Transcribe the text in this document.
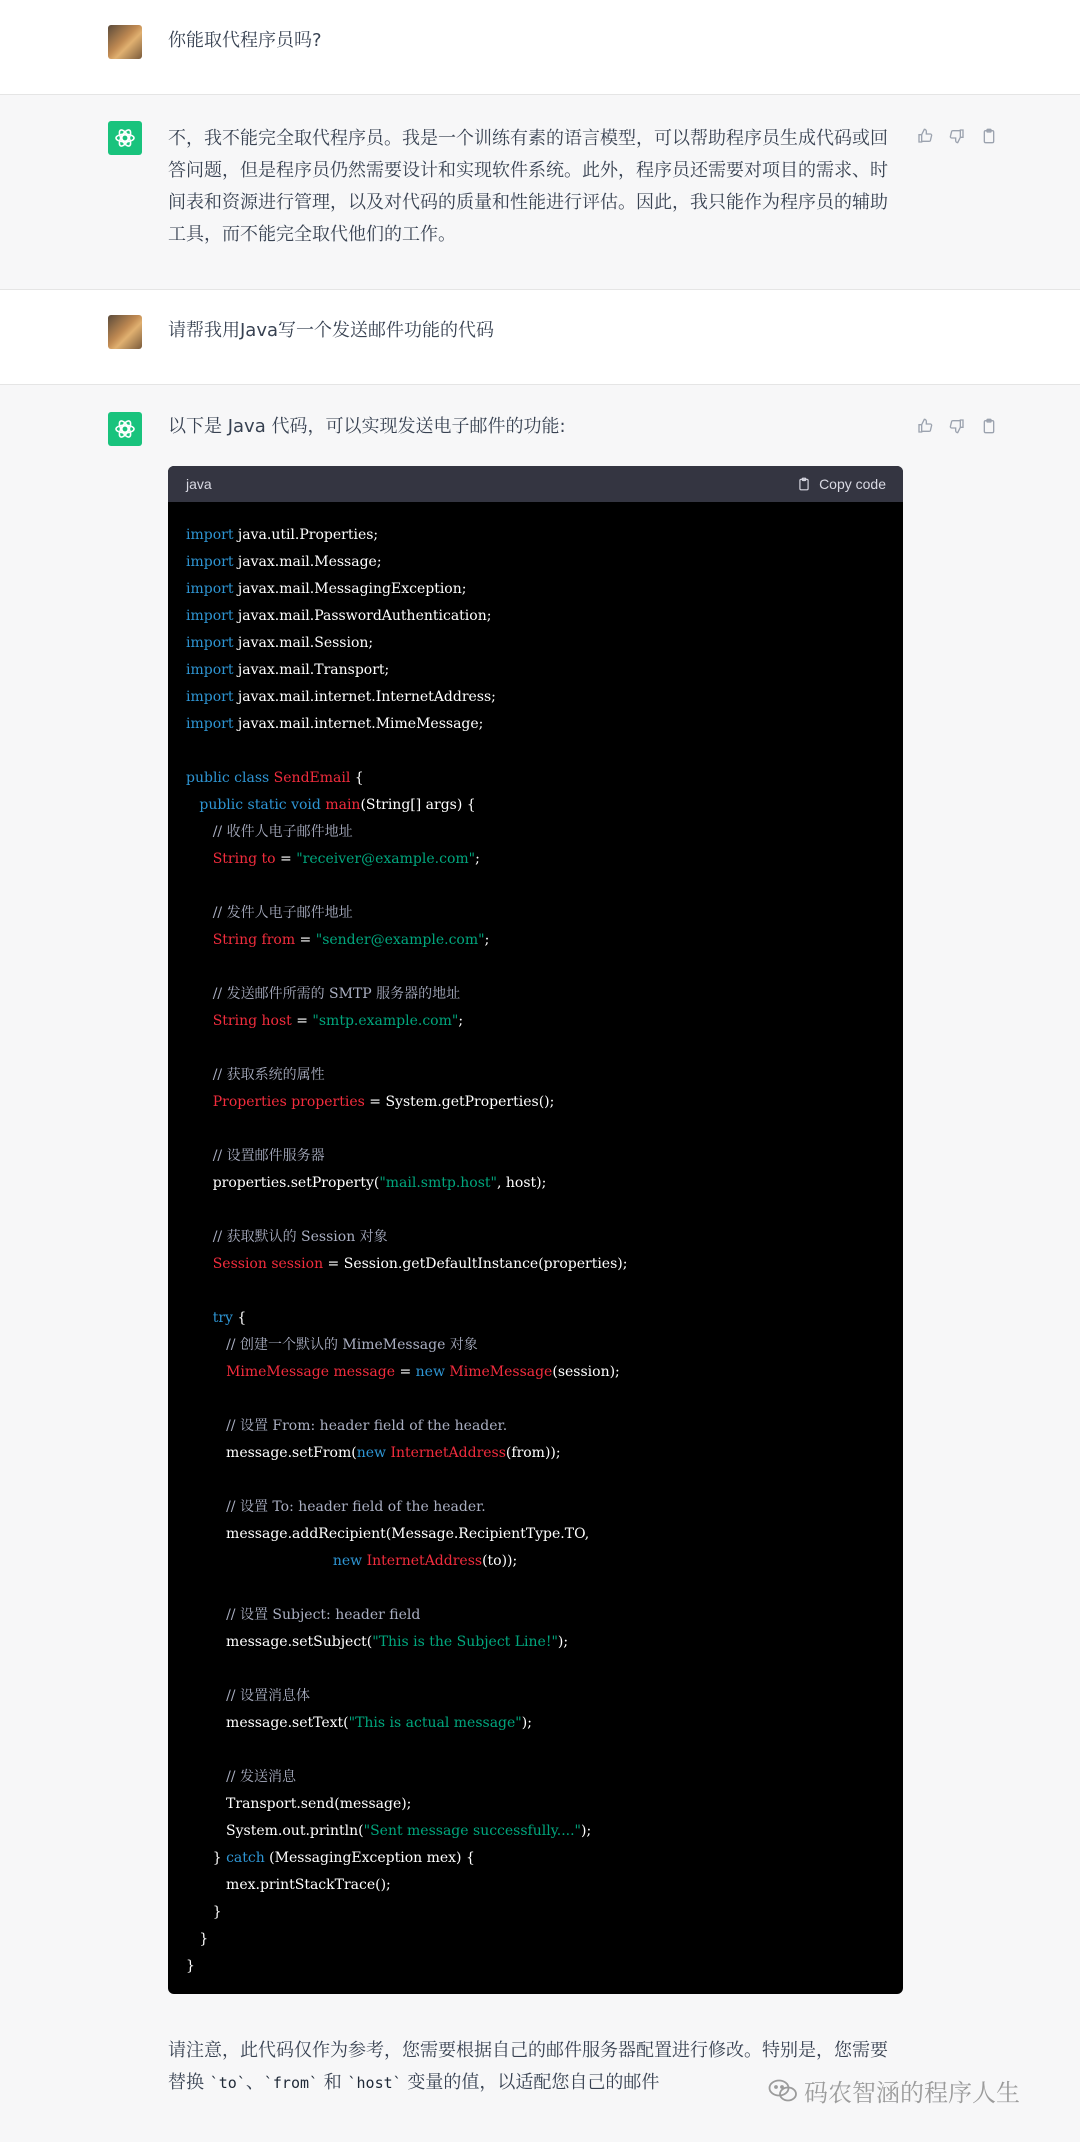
你能取代程序员吗?

不，我不能完全取代程序员。我是一个训练有素的语言模型，可以帮助程序员生成代码或回答问题，但是程序员仍然需要设计和实现软件系统。此外，程序员还需要对项目的需求、时间表和资源进行管理，以及对代码的质量和性能进行评估。因此，我只能作为程序员的辅助工具，而不能完全取代他们的工作。

请帮我用Java写一个发送邮件功能的代码

以下是 Java 代码，可以实现发送电子邮件的功能:

请注意，此代码仅作为参考，您需要根据自己的邮件服务器配置进行修改。特别是，您需要替换 `to`、`from` 和 `host` 变量的值，以适配您自己的邮件

java	Copy code
import java.util.Properties;
import javax.mail.Message;
import javax.mail.MessagingException;
import javax.mail.PasswordAuthentication;
import javax.mail.Session;
import javax.mail.Transport;
import javax.mail.internet.InternetAddress;
import javax.mail.internet.MimeMessage;

public class SendEmail {
public static void main(String[] args) {
// 收件人电子邮件地址
String to = "receiver@example.com";

// 发件人电子邮件地址
String from = "sender@example.com";

// 发送邮件所需的 SMTP 服务器的地址
String host = "smtp.example.com";

// 获取系统的属性
Properties properties = System.getProperties();

// 设置邮件服务器
properties.setProperty("mail.smtp.host", host);

// 获取默认的 Session 对象
Session session = Session.getDefaultInstance(properties);

try {
// 创建一个默认的 MimeMessage 对象
MimeMessage message = new MimeMessage(session);

// 设置 From: header field of the header.
message.setFrom(new InternetAddress(from));

// 设置 To: header field of the header.
message.addRecipient(Message.RecipientType.TO,
new InternetAddress(to));

// 设置 Subject: header field
message.setSubject("This is the Subject Line!");

// 设置消息体
message.setText("This is actual message");

// 发送消息
Transport.send(message);
System.out.println("Sent message successfully....");
} catch (MessagingException mex) {
mex.printStackTrace();
}
}
}
码农智涵的程序人生
